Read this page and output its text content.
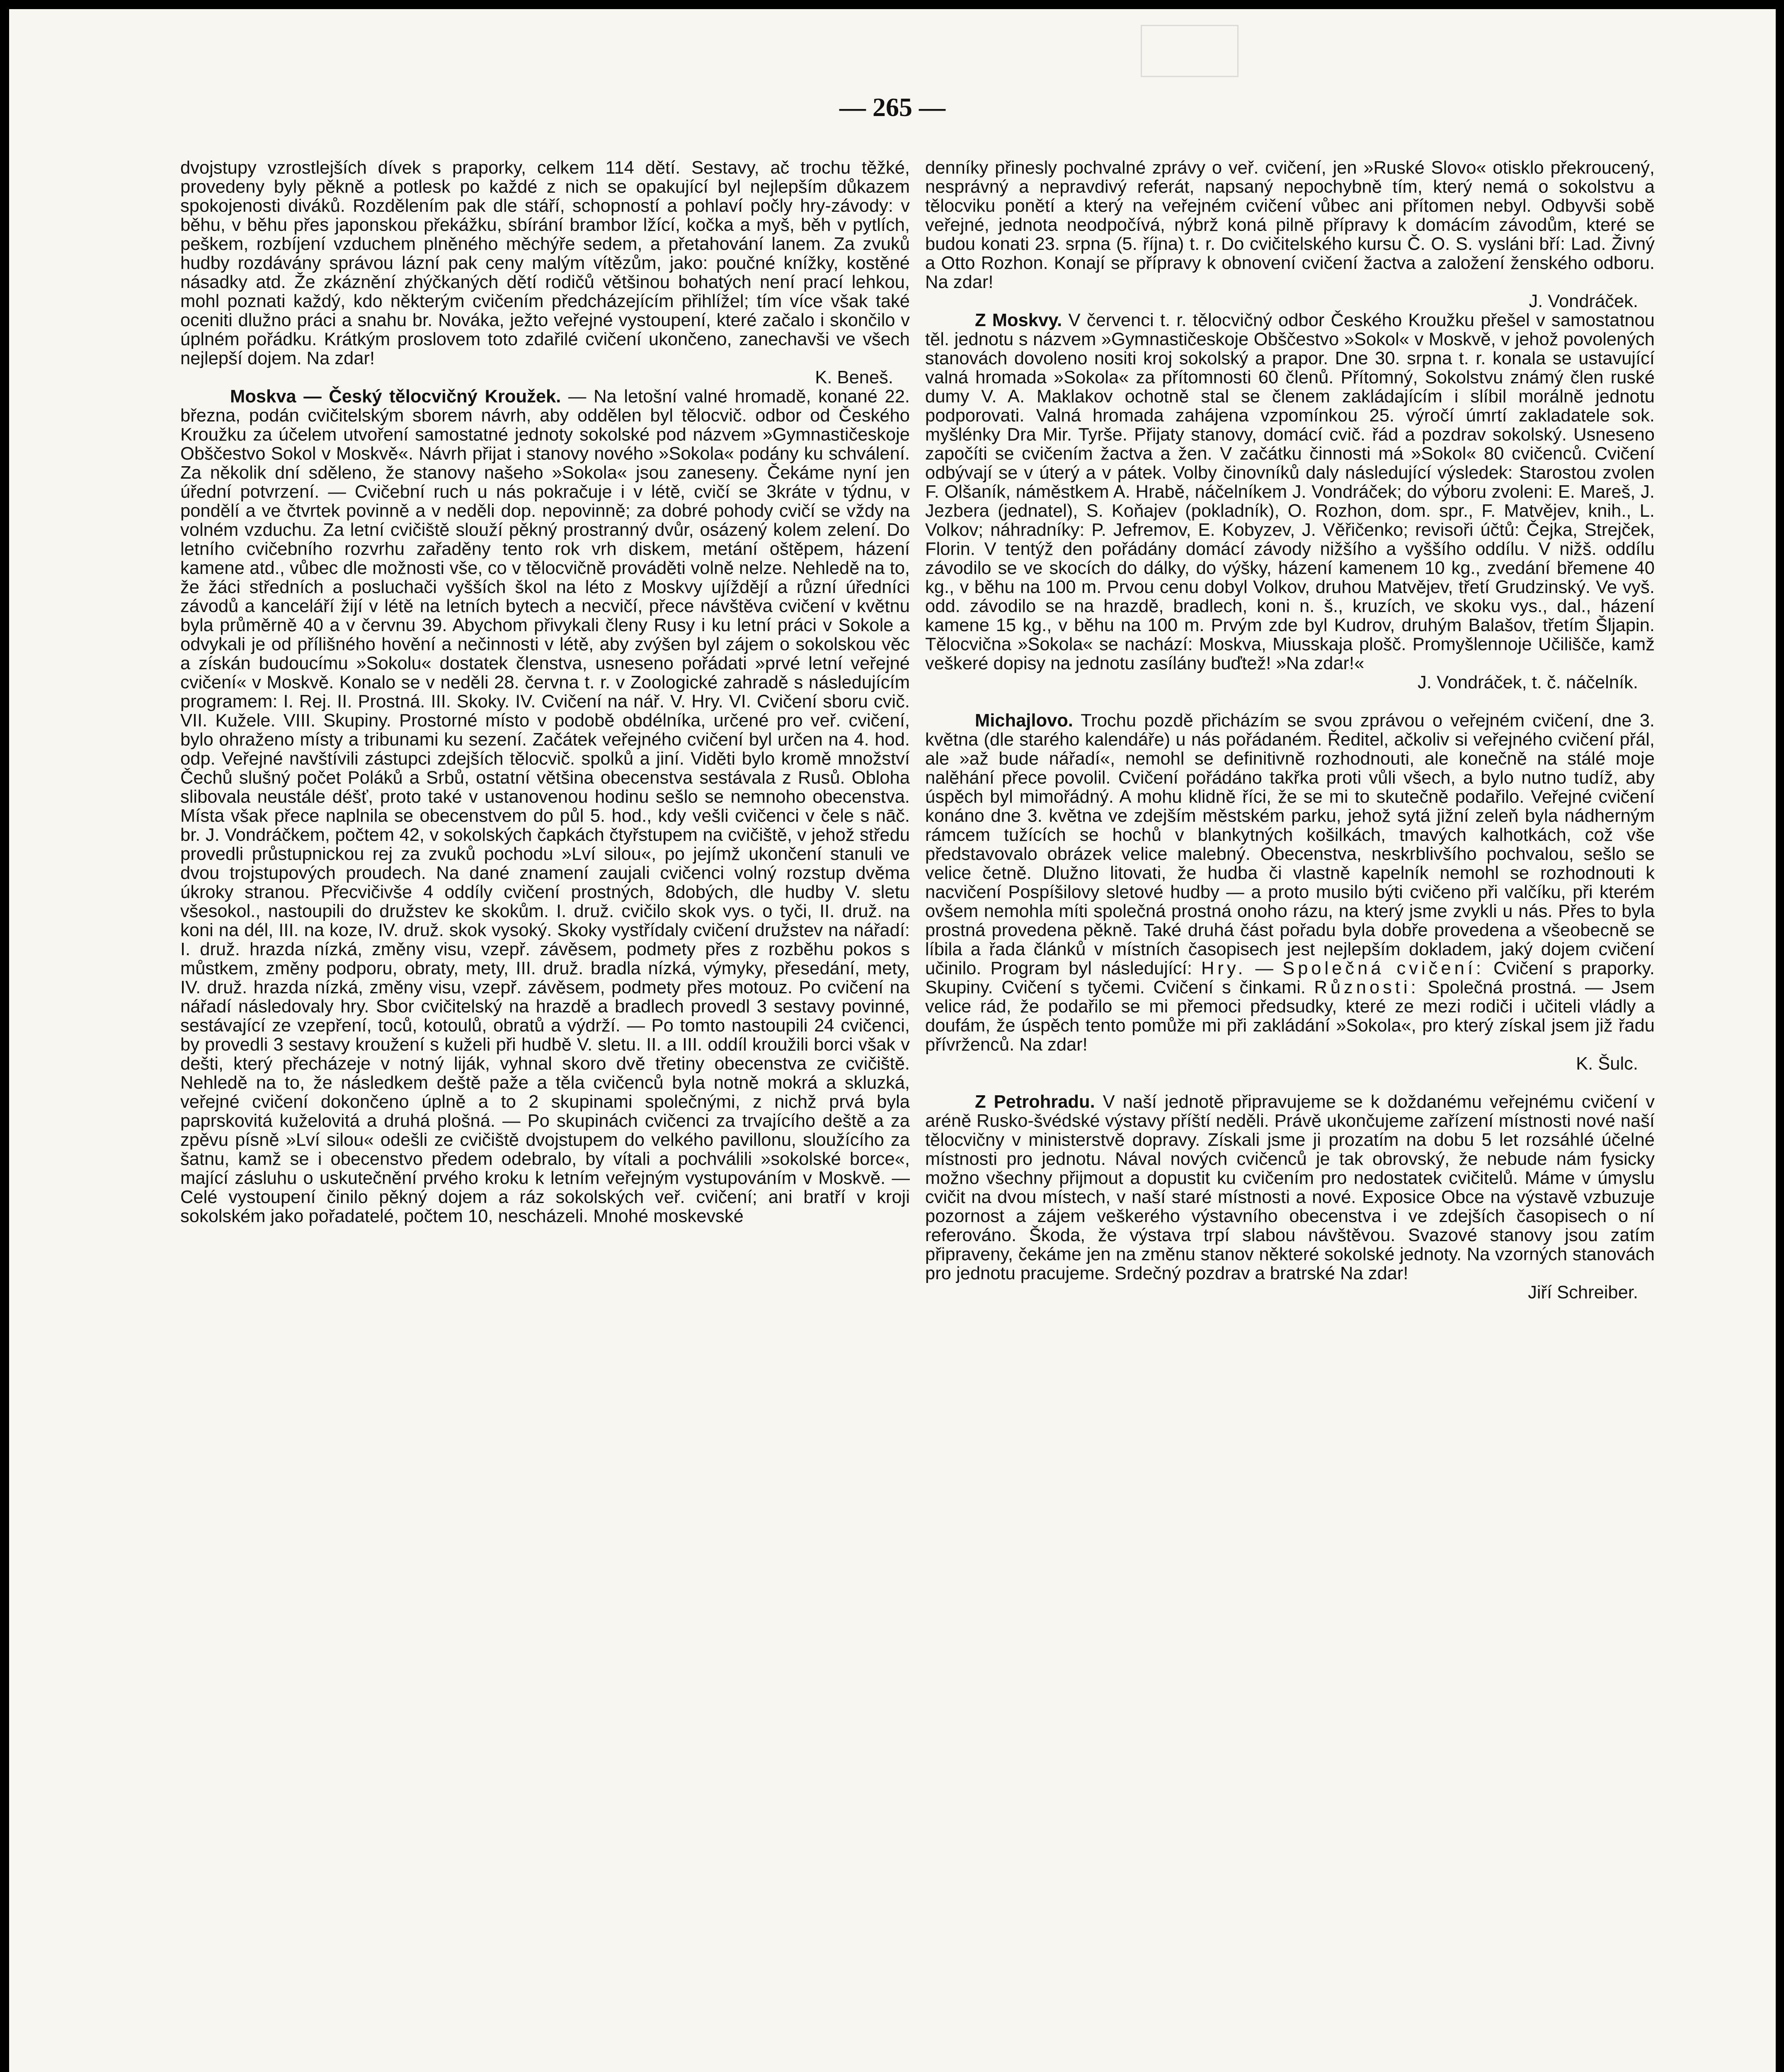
— 265 —

dvojstupy vzrostlejších dívek s praporky, celkem 114 dětí. Sestavy, ač trochu těžké, provedeny byly pěkně a potlesk po každé z nich se opakující byl nejlepším důkazem spokojenosti diváků. Rozdělením pak dle stáří, schopností a pohlaví počly hry-závody: v běhu, v běhu přes japonskou překážku, sbírání brambor lžící, kočka a myš, běh v pytlích, peškem, rozbíjení vzduchem plněného měchýře sedem, a přetahování lanem. Za zvuků hudby rozdávány správou lázní pak ceny malým vítězům, jako: poučné knížky, kostěné násadky atd. Že zkáznění zhýčkaných dětí rodičů většinou bohatých není prací lehkou, mohl poznati každý, kdo některým cvičením předcházejícím přihlížel; tím více však také oceniti dlužno práci a snahu br. Nováka, ježto veřejné vystoupení, které začalo i skončilo v úplném pořádku. Krátkým proslovem toto zdařilé cvičení ukončeno, zanechavši ve všech nejlepší dojem. Na zdar!
K. Beneš.

Moskva — Český tělocvičný Kroužek. — Na letošní valné hromadě, konané 22. března, podán cvičitelským sborem návrh, aby oddělen byl tělocvič. odbor od Českého Kroužku za účelem utvoření samostatné jednoty sokolské pod názvem »Gymnastičeskoje Obščestvo Sokol v Moskvě«. Návrh přijat i stanovy nového »Sokola« podány ku schválení. Za několik dní sděleno, že stanovy našeho »Sokola« jsou zaneseny. Čekáme nyní jen úřední potvrzení. — Cvičební ruch u nás pokračuje i v létě, cvičí se 3kráte v týdnu, v pondělí a ve čtvrtek povinně a v neděli dop. nepovinně; za dobré pohody cvičí se vždy na volném vzduchu. Za letní cvičiště slouží pěkný prostranný dvůr, osázený kolem zelení. Do letního cvičebního rozvrhu zařaděny tento rok vrh diskem, metání oštěpem, házení kamene atd., vůbec dle možnosti vše, co v tělocvičně prováděti volně nelze. Nehledě na to, že žáci středních a posluchači vyšších škol na léto z Moskvy ujíždějí a různí úředníci závodů a kanceláří žijí v létě na letních bytech a necvičí, přece návštěva cvičení v květnu byla průměrně 40 a v červnu 39. Abychom přivykali členy Rusy i ku letní práci v Sokole a odvykali je od přílišného hovění a nečinnosti v létě, aby zvýšen byl zájem o sokolskou věc a získán budoucímu »Sokolu« dostatek členstva, usneseno pořádati »prvé letní veřejné cvičení« v Moskvě. Konalo se v neděli 28. června t. r. v Zoologické zahradě s následujícím programem: I. Rej. II. Prostná. III. Skoky. IV. Cvičení na nář. V. Hry. VI. Cvičení sboru cvič. VII. Kuželе. VIII. Skupiny. Prostorné místo v podobě obdélníka, určené pro veř. cvičení, bylo ohraženo místy a tribunami ku sezení. Začátek veřejného cvičení byl určen na 4. hod. odp. Veřejné navštívili zástupci zdejších tělocvič. spolků a jiní. Viděti bylo kromě množství Čechů slušný počet Poláků a Srbů, ostatní většina obecenstva sestávala z Rusů. Obloha slibovala neustále déšť, proto také v ustanovenou hodinu sešlo se nemnoho obecenstva. Místa však přece naplnila se obecenstvem do půl 5. hod., kdy vešli cvičenci v čele s nāč. br. J. Vondráčkem, počtem 42, v sokolských čapkách čtyřstupem na cvičiště, v jehož středu provedli průstupnickou rej za zvuků pochodu »Lví silou«, po jejímž ukončení stanuli ve dvou trojstupových proudech. Na dané znamení zaujali cvičenci volný rozstup dvěma úkroky stranou. Přecvičivše 4 oddíly cvičení prostných, 8dobých, dle hudby V. sletu všesokol., nastoupili do družstev ke skokům. I. druž. cvičilo skok vys. o tyči, II. druž. na koni na dél, III. na koze, IV. druž. skok vysoký. Skoky vystřídaly cvičení družstev na nářadí: I. druž. hrazda nízká, změny visu, vzepř. závěsem, podmety přes z rozběhu pokos s můstkem, změny podporu, obraty, mety, III. druž. bradla nízká, výmyky, přesedání, mety, IV. druž. hrazda nízká, změny visu, vzepř. závěsem, podmety přes motouz. Po cvičení na nářadí následovaly hry. Sbor cvičitelský na hrazdě a bradlech provedl 3 sestavy povinné, sestávající ze vzepření, toců, kotoulů, obratů a výdrží. — Po tomto nastoupili 24 cvičenci, by provedli 3 sestavy kroužení s kuželi při hudbě V. sletu. II. a III. oddíl kroužili borci však v dešti, který přecházeje v notný liják, vyhnal skoro dvě třetiny obecenstva ze cvičiště. Nehledě na to, že následkem deště paže a těla cvičenců byla notně mokrá a skluzká, veřejné cvičení dokončeno úplně a to 2 skupinami společnými, z nichž prvá byla paprskovitá kuželovitá a druhá plošná. — Po skupinách cvičenci za trvajícího deště a za zpěvu písně »Lví silou« odešli ze cvičiště dvojstupem do velkého pavillonu, sloužícího za šatnu, kamž se i obecenstvo předem odebralo, by vítali a pochválili »sokolské borce«, mající zásluhu o uskutečnění prvého kroku k letním veřejným vystupováním v Moskvě. — Celé vystoupení činilo pěkný dojem a ráz sokolských veř. cvičení; ani bratří v kroji sokolském jako pořadatelé, počtem 10, nescházeli. Mnohé moskevské

denníky přinesly pochvalné zprávy o veř. cvičení, jen »Ruské Slovo« otisklo překroucený, nesprávný a nepravdivý referát, napsaný nepochybně tím, který nemá o sokolstvu a tělocviku ponětí a který na veřejném cvičení vůbec ani přítomen nebyl. Odbyvši sobě veřejné, jednota neodpočívá, nýbrž koná pilně přípravy k domácím závodům, které se budou konati 23. srpna (5. října) t. r. Do cvičitelského kursu Č. O. S. vysláni bří: Lad. Živný a Otto Rozhon. Konají se přípravy k obnovení cvičení žactva a založení ženského odboru. Na zdar!
J. Vondráček.

Z Moskvy. V červenci t. r. tělocvičný odbor Českého Kroužku přešel v samostatnou těl. jednotu s názvem »Gymnastičeskoje Obščestvo »Sokol« v Moskvě, v jehož povolených stanovách dovoleno nositi kroj sokolský a prapor. Dne 30. srpna t. r. konala se ustavující valná hromada »Sokola« za přítomnosti 60 členů. Přítomný, Sokolstvu známý člen ruské dumy V. A. Maklakov ochotně stal se členem zakládajícím i slíbil morálně jednotu podporovati. Valná hromada zahájena vzpomínkou 25. výročí úmrtí zakladatele sok. myšlénky Dra Mir. Tyrše. Přijaty stanovy, domácí cvič. řád a pozdrav sokolský. Usneseno započíti se cvičením žactva a žen. V začátku činnosti má »Sokol« 80 cvičenců. Cvičení odbývají se v úterý a v pátek. Volby činovníků daly následující výsledek: Starostou zvolen F. Olšaník, náměstkem A. Hrabě, náčelníkem J. Vondráček; do výboru zvoleni: E. Mareš, J. Jezbera (jednatel), S. Koňajev (pokladník), O. Rozhon, dom. spr., F. Matvějev, knih., L. Volkov; náhradníky: P. Jefremov, E. Kobyzev, J. Věřičenko; revisoři účtů: Čejka, Strejček, Florin. V tentýž den pořádány domácí závody nižšího a vyššího oddílu. V nižš. oddílu závodilo se ve skocích do dálky, do výšky, házení kamenem 10 kg., zvedání břemene 40 kg., v běhu na 100 m. Prvou cenu dobyl Volkov, druhou Matvějev, třetí Grudzinský. Ve vyš. odd. závodilo se na hrazdě, bradlech, koni n. š., kruzích, ve skoku vys., dal., házení kamene 15 kg., v běhu na 100 m. Prvým zde byl Kudrov, druhým Balašov, třetím Šljapin. Tělocvična »Sokola« se nachází: Moskva, Miusskaja plošč. Promyšlennoje Učilišče, kamž veškeré dopisy na jednotu zasílány buďtež! »Na zdar!«
J. Vondráček, t. č. náčelník.

Michajlovo. Trochu pozdě přicházím se svou zprávou o veřejném cvičení, dne 3. května (dle starého kalendáře) u nás pořádaném. Ředitel, ačkoliv si veřejného cvičení přál, ale »až bude nářadí«, nemohl se definitivně rozhodnouti, ale konečně na stálé moje nalěhání přece povolil. Cvičení pořádáno takřka proti vůli všech, a bylo nutno tudíž, aby úspěch byl mimořádný. A mohu klidně říci, že se mi to skutečně podařilo. Veřejné cvičení konáno dne 3. května ve zdejším městském parku, jehož sytá jižní zeleň byla nádherným rámcem tužících se hochů v blankytných košilkách, tmavých kalhotkách, což vše představovalo obrázek velice malebný. Obecenstva, neskrblivšího pochvalou, sešlo se velice četně. Dlužno litovati, že hudba či vlastně kapelník nemohl se rozhodnouti k nacvičení Pospíšilovy sletové hudby — a proto musilo býti cvičeno při valčíku, při kterém ovšem nemohla míti společná prostná onoho rázu, na který jsme zvykli u nás. Přes to byla prostná provedena pěkně. Také druhá část pořadu byla dobře provedena a všeobecně se líbila a řada článků v místních časopisech jest nejlepším dokladem, jaký dojem cvičení učinilo. Program byl následující: Hry. — Společná cvičení: Cvičení s praporky. Skupiny. Cvičení s tyčemi. Cvičení s činkami. Různosti: Společná prostná. — Jsem velice rád, že podařilo se mi přemoci předsudky, které ze mezi rodiči i učiteli vládly a doufám, že úspěch tento pomůže mi při zakládání »Sokola«, pro který získal jsem již řadu přívrženců. Na zdar!
K. Šulc.

Z Petrohradu. V naší jednotě připravujeme se k doždanému veřejnému cvičení v aréně Rusko-švédské výstavy příští neděli. Právě ukončujeme zařízení místnosti nové naší tělocvičny v ministerstvě dopravy. Získali jsme ji prozatím na dobu 5 let rozsáhlé účelné místnosti pro jednotu. Nával nových cvičenců je tak obrovský, že nebude nám fysicky možno všechny přijmout a dopustit ku cvičením pro nedostatek cvičitelů. Máme v úmyslu cvičit na dvou místech, v naší staré místnosti a nové. Exposice Obce na výstavě vzbuzuje pozornost a zájem veškerého výstavního obecenstva i ve zdejších časopisech o ní referováno. Škoda, že výstava trpí slabou návštěvou. Svazové stanovy jsou zatím připraveny, čekáme jen na změnu stanov některé sokolské jednoty. Na vzorných stanovách pro jednotu pracujeme. Srdečný pozdrav a bratrské Na zdar!
Jiří Schreiber.
